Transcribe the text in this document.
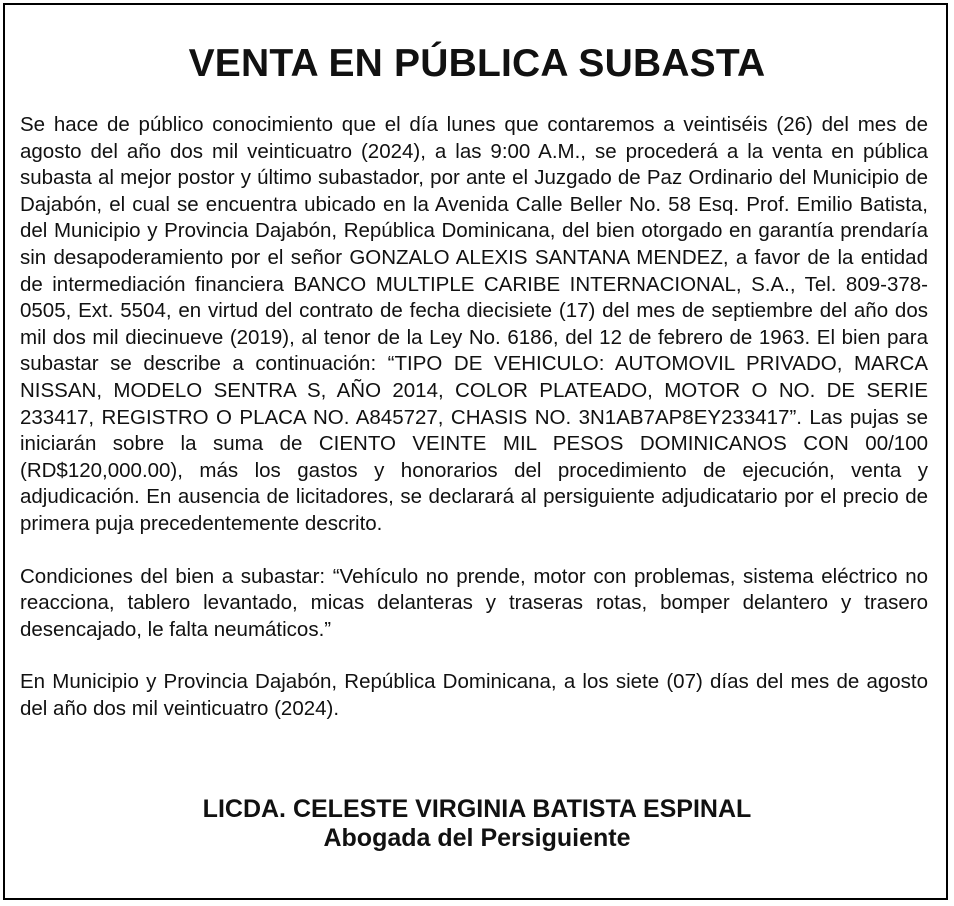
VENTA EN PÚBLICA SUBASTA

Se hace de público conocimiento que el día lunes que contaremos a veintiséis (26) del mes de agosto del año dos mil veinticuatro (2024), a las 9:00 A.M., se procederá a la venta en pública subasta al mejor postor y último subastador, por ante el Juzgado de Paz Ordinario del Municipio de Dajabón, el cual se encuentra ubicado en la Avenida Calle Beller No. 58 Esq. Prof. Emilio Batista, del Municipio y Provincia Dajabón, República Dominicana, del bien otorgado en garantía prendaría sin desapoderamiento por el señor GONZALO ALEXIS SANTANA MENDEZ, a favor de la entidad de intermediación financiera BANCO MULTIPLE CARIBE INTERNACIONAL, S.A., Tel. 809-378-0505, Ext. 5504, en virtud del contrato de fecha diecisiete (17) del mes de septiembre del año dos mil dos mil diecinueve (2019), al tenor de la Ley No. 6186, del 12 de febrero de 1963. El bien para subastar se describe a continuación: “TIPO DE VEHICULO: AUTOMOVIL PRIVADO, MARCA NISSAN, MODELO SENTRA S, AÑO 2014, COLOR PLATEADO, MOTOR O NO. DE SERIE 233417, REGISTRO O PLACA NO. A845727, CHASIS NO. 3N1AB7AP8EY233417”. Las pujas se iniciarán sobre la suma de CIENTO VEINTE MIL PESOS DOMINICANOS CON 00/100 (RD$120,000.00), más los gastos y honorarios del procedimiento de ejecución, venta y adjudicación. En ausencia de licitadores, se declarará al persiguiente adjudicatario por el precio de primera puja precedentemente descrito.

Condiciones del bien a subastar: “Vehículo no prende, motor con problemas, sistema eléctrico no reacciona, tablero levantado, micas delanteras y traseras rotas, bomper delantero y trasero desencajado, le falta neumáticos.”

En Municipio y Provincia Dajabón, República Dominicana, a los siete (07) días del mes de agosto del año dos mil veinticuatro (2024).

LICDA. CELESTE VIRGINIA BATISTA ESPINAL
Abogada del Persiguiente
